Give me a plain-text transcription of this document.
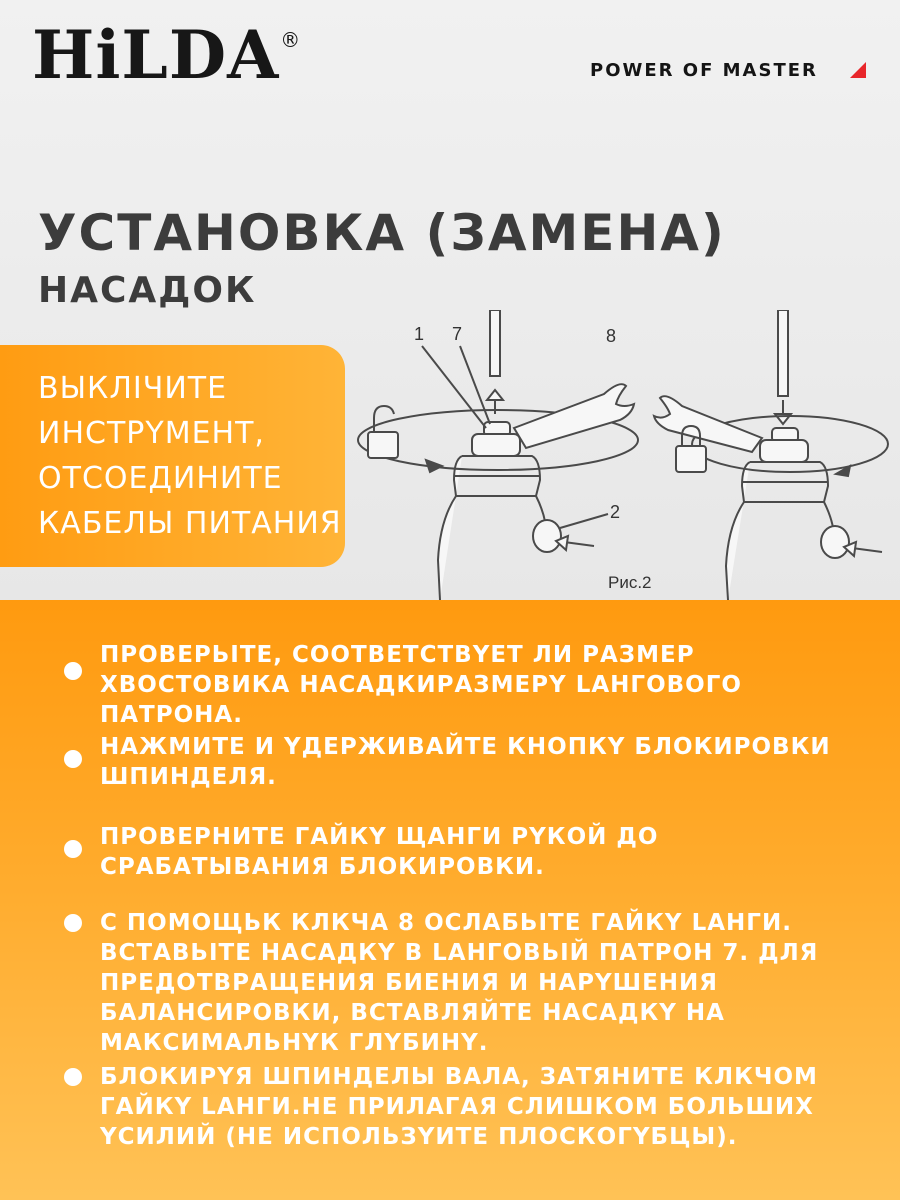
HiLDA ®
POWER OF MASTER
УСТАНОВКА (ЗАМЕНА)
НАСАДОК
ВЫКЛІЧИТЕ
ИНСТРҮМЕНТ,
ОТСОЕДИНИТЕ
КАБЕЛЫ ПИТАНИЯ
1 7	8
2
Рис.2
ПРОВЕРЬІТЕ, СООТВЕТСТВҮЕТ ЛИ РАЗМЕР ХВОСТОВИКА НАСАДКИРАЗМЕРҮ LАНГОВОГО ПАТРОНА.
НАЖМИТЕ И ҮДЕРЖИВАЙТЕ КНОПКҮ БЛОКИРОВКИ ШПИНДЕЛЯ.
ПРОВЕРНИТЕ ГАЙКҮ ЩАНГИ РҮКОЙ ДО СРАБАТЫВАНИЯ БЛОКИРОВКИ.
С ПОМОЩЬК КЛКЧА 8 ОСЛАБЬІТЕ ГАЙКҮ LАНГИ. ВСТАВЬІТЕ НАСАДКҮ В LАНГОВЬІЙ ПАТРОН 7. ДЛЯ ПРЕДОТВРАЩЕНИЯ БИЕНИЯ И НАРҮШЕНИЯ БАЛАНСИРОВКИ, ВСТАВЛЯЙТЕ НАСАДКҮ НА МАКСИМАЛЬНҮК ГЛҮБИНҮ.
БЛОКИРҮЯ ШПИНДЕЛЫ ВАЛА, ЗАТЯНИТЕ КЛКЧОМ ГАЙКҮ LАНГИ.НЕ ПРИЛАГАЯ СЛИШКОМ БОЛЬШИХ ҮСИЛИЙ (НЕ ИСПОЛЬЗҮИТЕ ПЛОСКОГҮБЦЫ).
